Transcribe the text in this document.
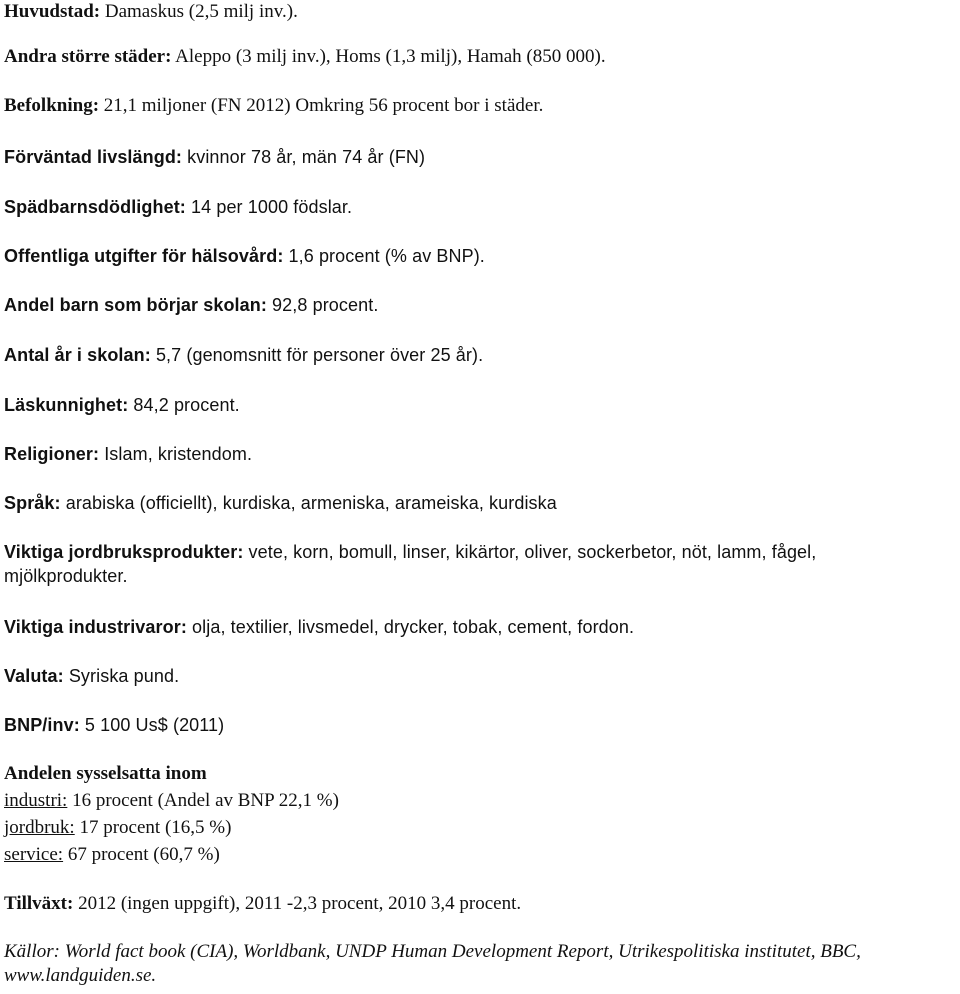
Huvudstad: Damaskus (2,5 milj inv.).
Andra större städer: Aleppo (3 milj inv.), Homs (1,3 milj), Hamah (850 000).
Befolkning: 21,1 miljoner (FN 2012) Omkring 56 procent bor i städer.
Förväntad livslängd: kvinnor 78 år, män 74 år (FN)
Spädbarnsdödlighet: 14 per 1000 födslar.
Offentliga utgifter för hälsovård: 1,6 procent (% av BNP).
Andel barn som börjar skolan: 92,8 procent.
Antal år i skolan: 5,7 (genomsnitt för personer över 25 år).
Läskunnighet: 84,2 procent.
Religioner: Islam, kristendom.
Språk: arabiska (officiellt), kurdiska, armeniska, arameiska, kurdiska
Viktiga jordbruksprodukter: vete, korn, bomull, linser, kikärtor, oliver, sockerbetor, nöt, lamm, fågel, mjölkprodukter.
Viktiga industrivaror: olja, textilier, livsmedel, drycker, tobak, cement, fordon.
Valuta: Syriska pund.
BNP/inv: 5 100 Us$ (2011)
Andelen sysselsatta inom
industri: 16 procent (Andel av BNP 22,1 %)
jordbruk: 17 procent (16,5 %)
service: 67 procent (60,7 %)
Tillväxt: 2012 (ingen uppgift), 2011 -2,3 procent, 2010 3,4 procent.
Källor: World fact book (CIA), Worldbank, UNDP Human Development Report, Utrikespolitiska institutet, BBC, www.landguiden.se.
